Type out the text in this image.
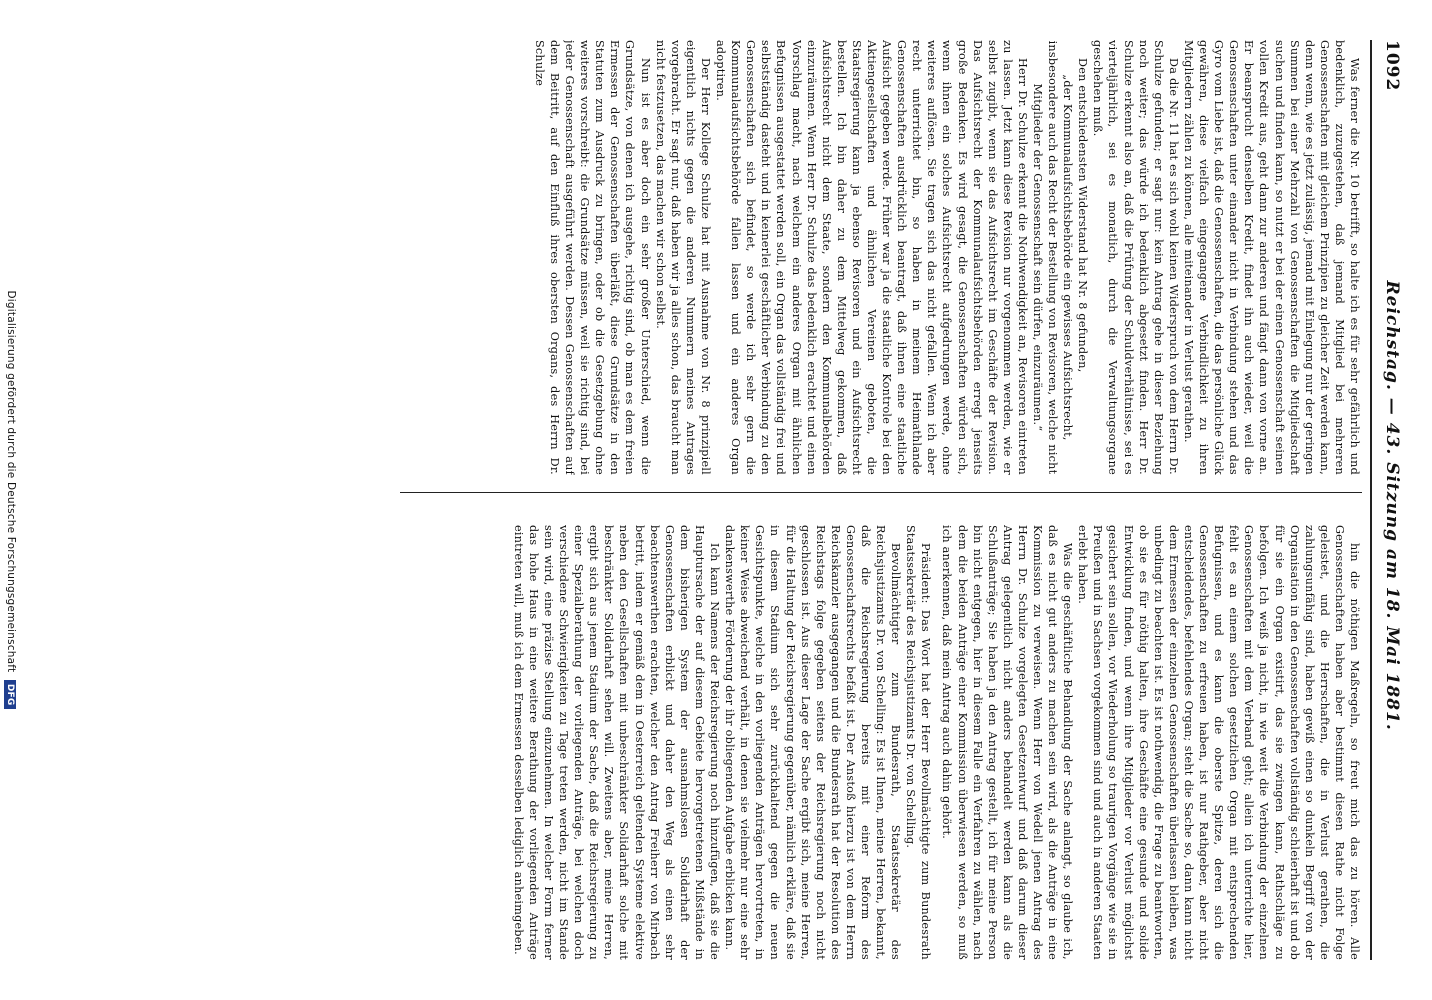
1092
Reichstag. — 43. Sitzung am 18. Mai 1881.

Was ferner die Nr. 10 betrifft, so halte ich es für sehr gefährlich und bedenklich, zuzugestehen, daß jemand Mitglied bei mehreren Genossenschaften mit gleichem Prinzipien zu gleicher Zeit werden kann, denn wenn, wie es jetzt zulässig, jemand mit Einlegung nur der geringen Summen bei einer Mehrzahl von Genossenschaften die Mitgliedschaft suchen und finden kann, so nutzt er bei der einen Genossenschaft seinen vollen Kredit aus, geht dann zur anderen und fängt dann von vorne an. Er beansprucht denselben Kredit, findet ihn auch wieder, weil die Genossenschaften unter einander nicht in Verbindung stehen und das Gyro vom Liebe ist, daß die Genossenschaften, die das persönliche Glück gewähren, diese vielfach eingegangene Verbindlichkeit zu ihren Mitgliedern zählen zu können, alle miteinander in Verlust gerathen.

Da die Nr. 11 hat es sich wohl keinen Widerspruch von dem Herrn Dr. Schulze gefunden; er sagt nur: kein Antrag gehe in dieser Beziehung noch weiter; das würde ich bedenklich abgesetzt finden. Herr Dr. Schulze erkennt also an, daß die Prüfung der Schuldverhältnisse, sei es vierteljährlich, sei es monatlich, durch die Verwaltungsorgane geschehen muß.

Den entschiedensten Widerstand hat Nr. 8 gefunden,

„der Kommunalaufsichtsbehörde ein gewisses Aufsichtsrecht, insbesondere auch das Recht der Bestellung von Revisoren, welche nicht Mitglieder der Genossenschaft sein dürfen, einzuräumen.“

Herr Dr. Schulze erkennt die Nothwendigkeit an, Revisoren eintreten zu lassen. Jetzt kann diese Revision nur vorgenommen werden, wie er selbst zugibt, wenn sie das Aufsichtsrecht im Geschäfte der Revision. Das Aufsichtsrecht der Kommunalaufsichtsbehörden erregt jenseits große Bedenken. Es wird gesagt, die Genossenschaften würden sich, wenn ihnen ein solches Aufsichtsrecht aufgedrungen werde, ohne weiteres auflösen. Sie tragen sich das nicht gefallen. Wenn ich aber recht unterrichtet bin, so haben in meinem Heimathlande Genossenschaften ausdrücklich beantragt, daß ihnen eine staatliche Aufsicht gegeben werde. Früher war ja die staatliche Kontrole bei den Aktiengesellschaften und ähnlichen Vereinen geboten, die Staatsregierung kann ja ebenso Revisoren und ein Aufsichtsrecht bestellen. Ich bin daher zu dem Mittelweg gekommen, daß Aufsichtsrecht nicht dem Staate, sondern den Kommunalbehörden einzuräumen. Wenn Herr Dr. Schulze das bedenklich erachtet und einen Vorschlag macht, nach welchem ein anderes Organ mit ähnlichen Befugnissen ausgestattet werden soll, ein Organ das vollständig frei und selbstständig dasteht und in keinerlei geschäftlicher Verbindung zu den Genossenschaften sich befindet, so werde ich sehr gern die Kommunalaufsichtsbehörde fallen lassen und ein anderes Organ adoptiren.

Der Herr Kollege Schulze hat mit Ausnahme von Nr. 8 prinzipiell eigentlich nichts gegen die anderen Nummern meines Antrages vorgebracht. Er sagt nur, daß haben wir ja alles schon, das braucht man nicht festzusetzen, das machen wir schon selbst.

Nun ist es aber doch ein sehr großer Unterschied, wenn die Grundsätze, von denen ich ausgehe, richtig sind, ob man es dem freien Ermessen der Genossenschaften überläßt, diese Grundsätze in den Statuten zum Ausdruck zu bringen, oder ob die Gesetzgebung ohne weiteres vorschreibt: die Grundsätze müssen, weil sie richtig sind, bei jeder Genossenschaft ausgeführt werden. Dessen Genossenschaften auf dem Beitritt, auf den Einfluß ihres obersten Organs, des Herrn Dr. Schulze

hin die nöthigen Maßregeln, so freut mich das zu hören. Alle Genossenschaften haben aber bestimmt diesen Rathe nicht Folge geleistet, und die Herrschaften, die in Verlust gerathen, die zahlungsunfähig sind, haben gewiß einen so dunkeln Begriff von der Organisation in den Genossenschaften vollständig schleierhaft ist und ob für sie ein Organ existirt, das sie zwingen kann, Rathschläge zu befolgen. Ich weiß ja nicht, in wie weit die Verbindung der einzelnen Genossenschaften mit dem Verband geht; allein ich unterrichte hier, fehlt es an einem solchen gesetzlichen Organ mit entsprechenden Befugnissen, und es kann die oberste Spitze, deren sich die Genossenschaften zu erfreuen haben, ist nur Rathgeber, aber nicht entscheidendes, befehlendes Organ; steht die Sache so, dann kann nicht dem Ermessen der einzelnen Genossenschaften überlassen bleiben, was unbedingt zu beachten ist. Es ist nothwendig, die Frage zu beantworten, ob sie es für nöthig halten, ihre Geschäfte eine gesunde und solide Entwicklung finden, und wenn ihre Mitglieder vor Verlust möglichst gesichert sein sollen, vor Wiederholung so traurigen Vorgänge wie sie in Preußen und in Sachsen vorgekommen sind und auch in anderen Staaten erlebt haben.

Was die geschäftliche Behandlung der Sache anlangt, so glaube ich, daß es nicht gut anders zu machen sein wird, als die Anträge in eine Kommission zu verweisen. Wenn Herr von Wedell jenen Antrag des Herrn Dr. Schulze vorgelegten Gesetzentwurf und daß darum dieser Antrag gelegentlich nicht anders behandelt werden kann als die Schlußanträge; Sie haben ja den Antrag gestellt, ich für meine Person bin nicht entgegen, hier in diesem Falle ein Verfahren zu wählen, nach dem die beiden Anträge einer Kommission überwiesen werden, so muß ich anerkennen, daß mein Antrag auch dahin gehört.

Präsident: Das Wort hat der Herr Bevollmächtigte zum Bundesrath Staatssekretär des Reichsjustizamts Dr. von Schelling.

Bevollmächtigter zum Bundesrath, Staatssekretär des Reichsjustizamts Dr. von Schelling: Es ist Ihnen, meine Herren, bekannt, daß die Reichsregierung bereits mit einer Reform des Genossenschaftsrechts befaßt ist. Der Anstoß hierzu ist von dem Herrn Reichskanzler ausgegangen und die Bundesrath hat der Resolution des Reichstags folge gegeben seitens der Reichsregierung noch nicht geschlossen ist. Aus dieser Lage der Sache ergibt sich, meine Herren, für die Haltung der Reichsregierung gegenüber, nämlich erkläre, daß sie in diesem Stadium sich sehr zurückhaltend gegen die neuen Gesichtspunkte, welche in den vorliegenden Anträgen hervortreten, in keiner Weise abweichend verhält, in denen sie vielmehr nur eine sehr dankenswerthe Förderung der ihr obliegenden Aufgabe erblicken kann.

Ich kann Namens der Reichsregierung noch hinzufügen, daß sie die Hauptursache der auf diesem Gebiete hervorgetretenen Mißstände in dem bisherigen System der ausnahmslosen Solidarhaft der Genossenschaften erblickt und daher den Weg als einen sehr beachtenswerthen erachten, welcher den Antrag Freiherr von Mirbach betritt, indem er gemäß dem in Oesterreich geltenden Systeme elektive neben den Gesellschaften mit unbeschränkter Solidarhaft solche mit beschränkter Solidarhaft sehen will. Zweitens aber, meine Herren, ergibt sich aus jenem Stadium der Sache, daß die Reichsregierung zu einer Spezialberathung der vorliegenden Anträge, bei welchen doch verschiedene Schwierigkeiten zu Tage treten werden, nicht im Stande sein wird, eine präzise Stellung einzunehmen. In welcher Form ferner das hohe Haus in eine weitere Berathung der vorliegenden Anträge eintreten will, muß ich dem Ermessen desselben lediglich anheimgeben.

Digitalisierung gefördert durch die Deutsche Forschungsgemeinschaft DFG
